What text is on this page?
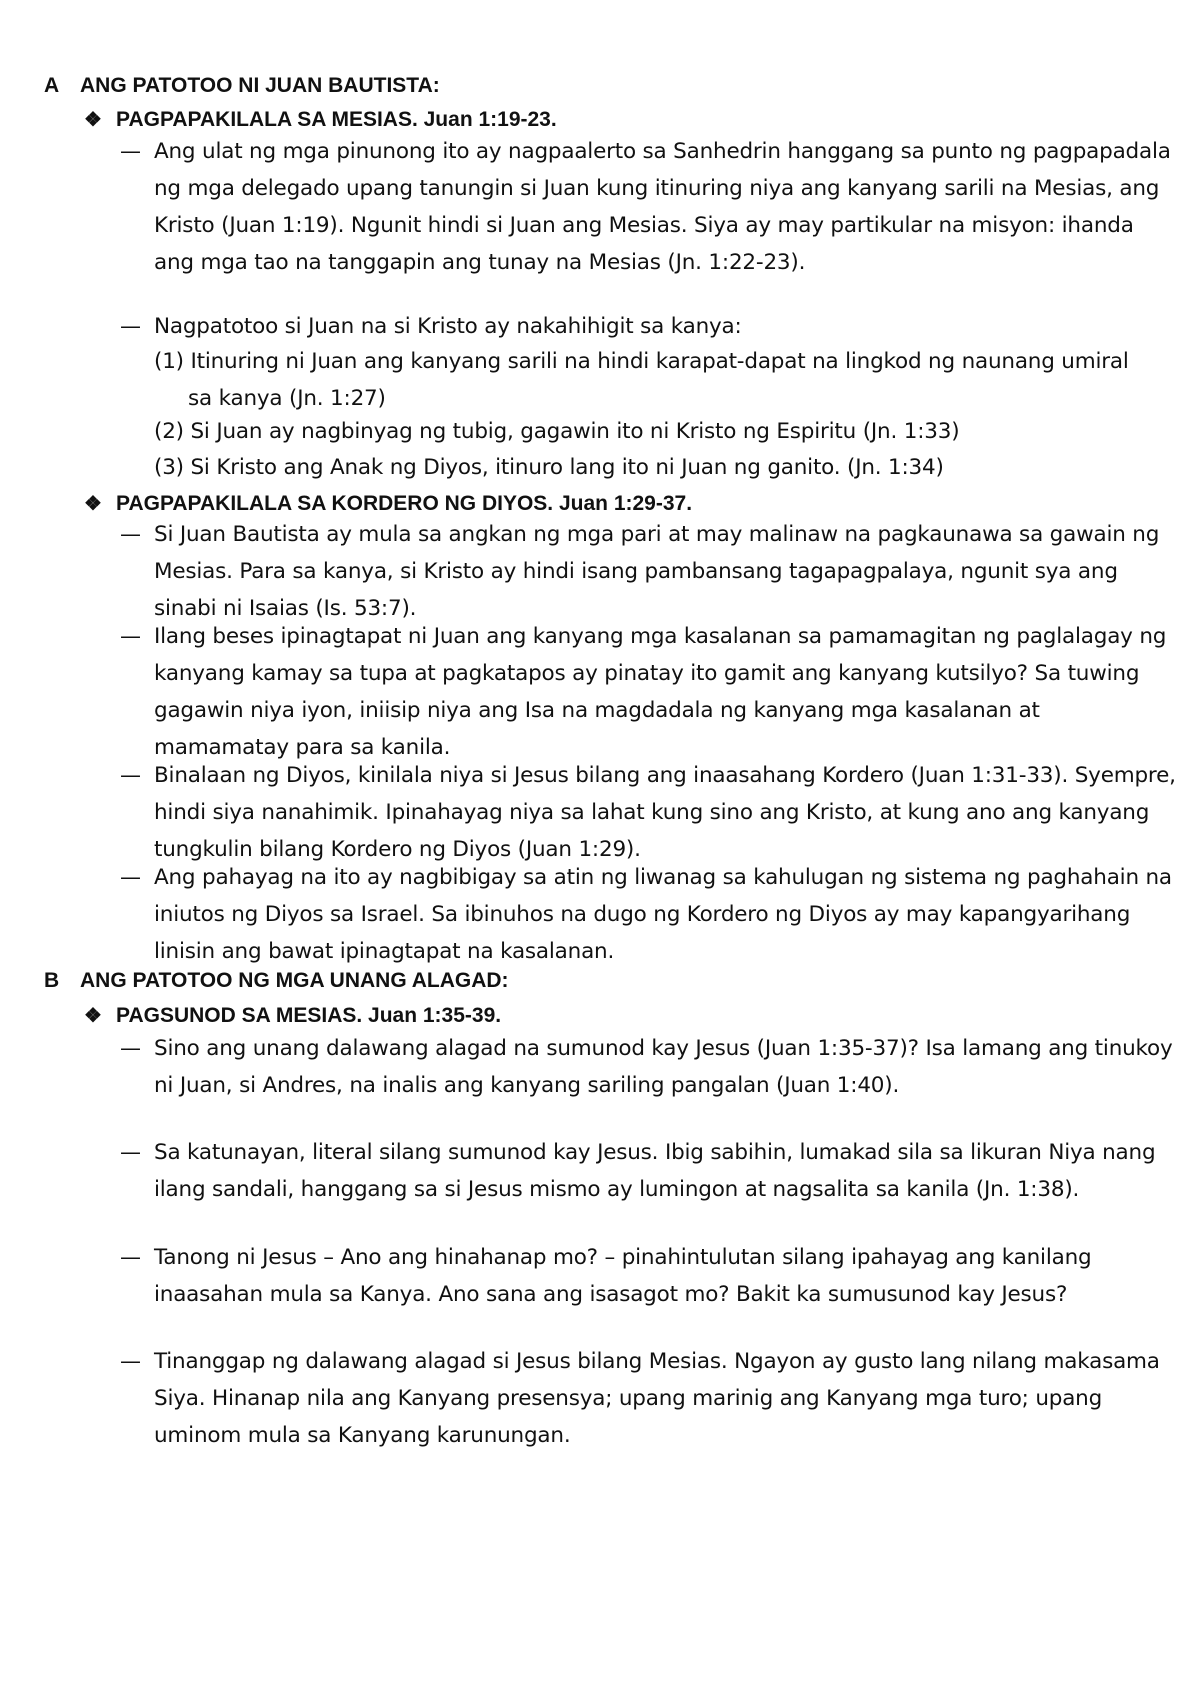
A ANG PATOTOO NI JUAN BAUTISTA:
❖ PAGPAPAKILALA SA MESIAS. Juan 1:19-23.
— Ang ulat ng mga pinunong ito ay nagpaalerto sa Sanhedrin hanggang sa punto ng pagpapadala ng mga delegado upang tanungin si Juan kung itinuring niya ang kanyang sarili na Mesias, ang Kristo (Juan 1:19). Ngunit hindi si Juan ang Mesias. Siya ay may partikular na misyon: ihanda ang mga tao na tanggapin ang tunay na Mesias (Jn. 1:22-23).
— Nagpatotoo si Juan na si Kristo ay nakahihigit sa kanya:
(1) Itinuring ni Juan ang kanyang sarili na hindi karapat-dapat na lingkod ng naunang umiral sa kanya (Jn. 1:27)
(2) Si Juan ay nagbinyag ng tubig, gagawin ito ni Kristo ng Espiritu (Jn. 1:33)
(3) Si Kristo ang Anak ng Diyos, itinuro lang ito ni Juan ng ganito. (Jn. 1:34)
❖ PAGPAPAKILALA SA KORDERO NG DIYOS. Juan 1:29-37.
— Si Juan Bautista ay mula sa angkan ng mga pari at may malinaw na pagkaunawa sa gawain ng Mesias. Para sa kanya, si Kristo ay hindi isang pambansang tagapagpalaya, ngunit sya ang sinabi ni Isaias (Is. 53:7).
— Ilang beses ipinagtapat ni Juan ang kanyang mga kasalanan sa pamamagitan ng paglalagay ng kanyang kamay sa tupa at pagkatapos ay pinatay ito gamit ang kanyang kutsilyo? Sa tuwing gagawin niya iyon, iniisip niya ang Isa na magdadala ng kanyang mga kasalanan at mamamatay para sa kanila.
— Binalaan ng Diyos, kinilala niya si Jesus bilang ang inaasahang Kordero (Juan 1:31-33). Syempre, hindi siya nanahimik. Ipinahayag niya sa lahat kung sino ang Kristo, at kung ano ang kanyang tungkulin bilang Kordero ng Diyos (Juan 1:29).
— Ang pahayag na ito ay nagbibigay sa atin ng liwanag sa kahulugan ng sistema ng paghahain na iniutos ng Diyos sa Israel. Sa ibinuhos na dugo ng Kordero ng Diyos ay may kapangyarihang linisin ang bawat ipinagtapat na kasalanan.
B ANG PATOTOO NG MGA UNANG ALAGAD:
❖ PAGSUNOD SA MESIAS. Juan 1:35-39.
— Sino ang unang dalawang alagad na sumunod kay Jesus (Juan 1:35-37)? Isa lamang ang tinukoy ni Juan, si Andres, na inalis ang kanyang sariling pangalan (Juan 1:40).
— Sa katunayan, literal silang sumunod kay Jesus. Ibig sabihin, lumakad sila sa likuran Niya nang ilang sandali, hanggang sa si Jesus mismo ay lumingon at nagsalita sa kanila (Jn. 1:38).
— Tanong ni Jesus – Ano ang hinahanap mo? – pinahintulutan silang ipahayag ang kanilang inaasahan mula sa Kanya. Ano sana ang isasagot mo? Bakit ka sumusunod kay Jesus?
— Tinanggap ng dalawang alagad si Jesus bilang Mesias. Ngayon ay gusto lang nilang makasama Siya. Hinanap nila ang Kanyang presensya; upang marinig ang Kanyang mga turo; upang uminom mula sa Kanyang karunungan.
